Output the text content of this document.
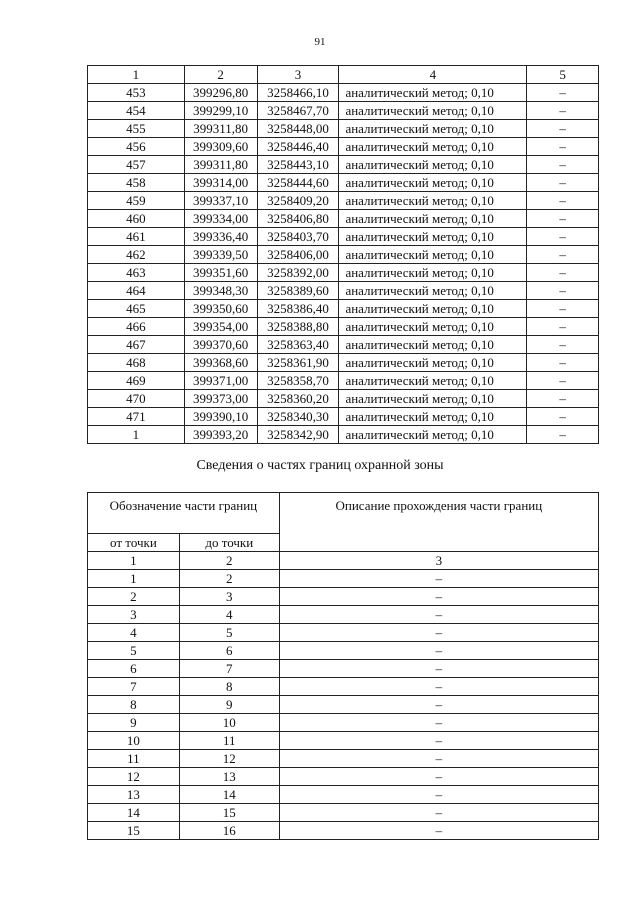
91
1	2	3	4	5
453	399296,80	3258466,10	аналитический метод; 0,10	–
454	399299,10	3258467,70	аналитический метод; 0,10	–
455	399311,80	3258448,00	аналитический метод; 0,10	–
456	399309,60	3258446,40	аналитический метод; 0,10	–
457	399311,80	3258443,10	аналитический метод; 0,10	–
458	399314,00	3258444,60	аналитический метод; 0,10	–
459	399337,10	3258409,20	аналитический метод; 0,10	–
460	399334,00	3258406,80	аналитический метод; 0,10	–
461	399336,40	3258403,70	аналитический метод; 0,10	–
462	399339,50	3258406,00	аналитический метод; 0,10	–
463	399351,60	3258392,00	аналитический метод; 0,10	–
464	399348,30	3258389,60	аналитический метод; 0,10	–
465	399350,60	3258386,40	аналитический метод; 0,10	–
466	399354,00	3258388,80	аналитический метод; 0,10	–
467	399370,60	3258363,40	аналитический метод; 0,10	–
468	399368,60	3258361,90	аналитический метод; 0,10	–
469	399371,00	3258358,70	аналитический метод; 0,10	–
470	399373,00	3258360,20	аналитический метод; 0,10	–
471	399390,10	3258340,30	аналитический метод; 0,10	–
1	399393,20	3258342,90	аналитический метод; 0,10	–
Сведения о частях границ охранной зоны
Обозначение части границ		Описание прохождения части границ
от точки	до точки	
1	2	3
1	2	–
2	3	–
3	4	–
4	5	–
5	6	–
6	7	–
7	8	–
8	9	–
9	10	–
10	11	–
11	12	–
12	13	–
13	14	–
14	15	–
15	16	–
